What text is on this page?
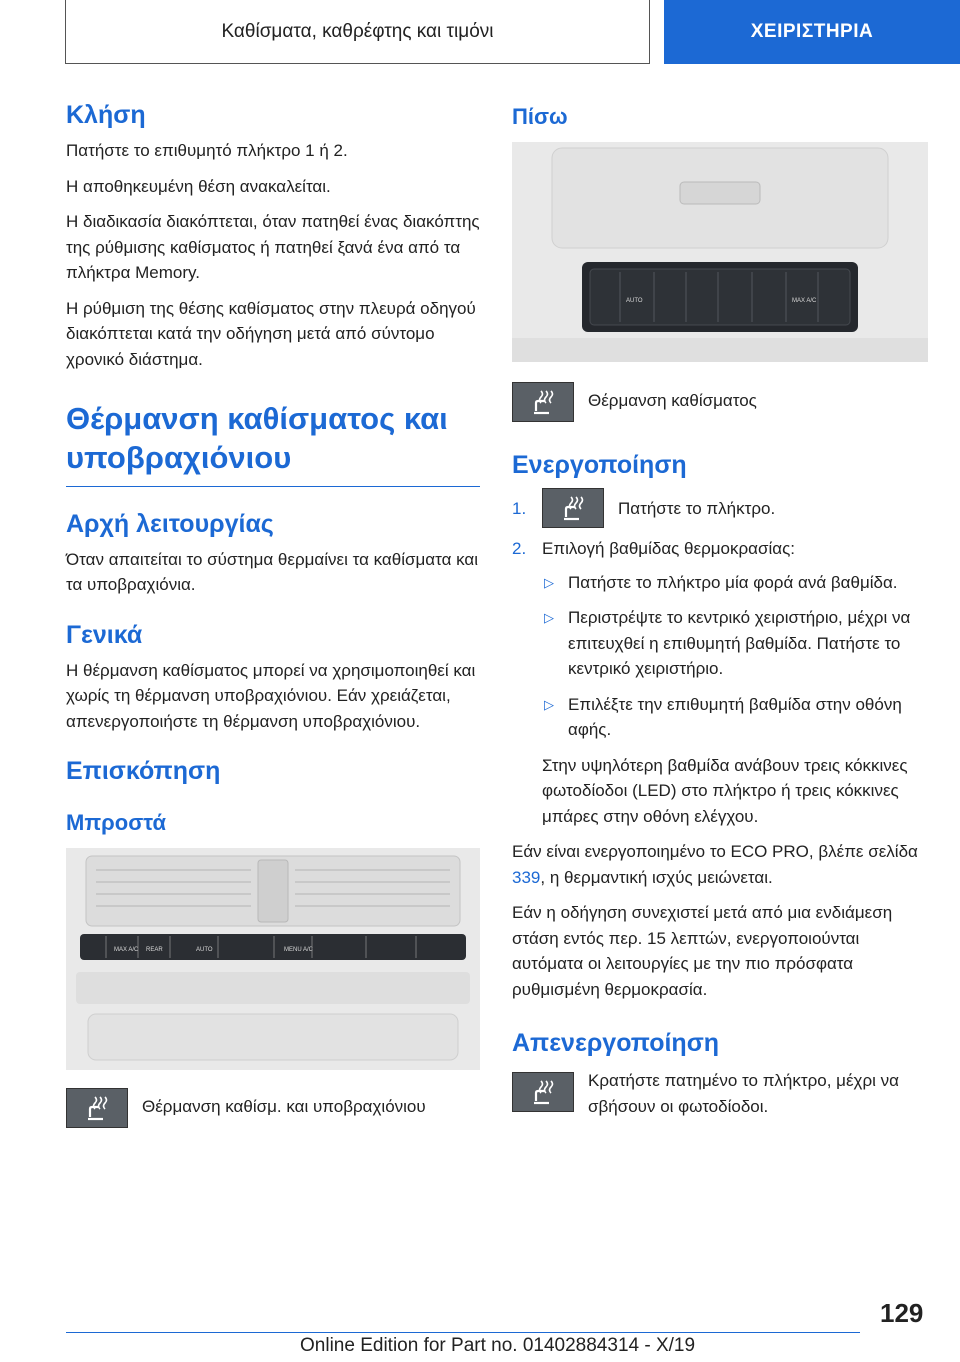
Καθίσματα, καθρέφτης και τιμόνι	ΧΕΙΡΙΣΤΗΡΙΑ
Κλήση

Πατήστε το επιθυμητό πλήκτρο 1 ή 2.

Η αποθηκευμένη θέση ανακαλείται.

Η διαδικασία διακόπτεται, όταν πατηθεί ένας διακόπτης της ρύθμισης καθίσματος ή πατηθεί ξανά ένα από τα πλήκτρα Memory.

Η ρύθμιση της θέσης καθίσματος στην πλευρά οδηγού διακόπτεται κατά την οδήγηση μετά από σύντομο χρονικό διάστημα.

Θέρμανση καθίσματος και υποβραχιόνιου
Αρχή λειτουργίας

Όταν απαιτείται το σύστημα θερμαίνει τα καθίσματα και τα υποβραχιόνια.

Γενικά

Η θέρμανση καθίσματος μπορεί να χρησιμοποιηθεί και χωρίς τη θέρμανση υποβραχιόνιου. Εάν χρειάζεται, απενεργοποιήστε τη θέρμανση υποβραχιόνιου.

Επισκόπηση
Μπροστά
MAX A/C REAR	AUTO	MENU A/C

Θέρμανση καθίσμ. και υποβραχιόνιου

Πίσω
AUTO	MAX A/C

Θέρμανση καθίσματος

Ενεργοποίηση
1.	Πατήστε το πλήκτρο.
2. Επιλογή βαθμίδας θερμοκρασίας:
▷ Πατήστε το πλήκτρο μία φορά ανά βαθμίδα.
▷ Περιστρέψτε το κεντρικό χειριστήριο, μέχρι να επιτευχθεί η επιθυμητή βαθμίδα. Πατήστε το κεντρικό χειριστήριο.
▷ Επιλέξτε την επιθυμητή βαθμίδα στην οθόνη αφής.

Στην υψηλότερη βαθμίδα ανάβουν τρεις κόκκινες φωτοδίοδοι (LED) στο πλήκτρο ή τρεις κόκκινες μπάρες στην οθόνη ελέγχου.

Εάν είναι ενεργοποιημένο το ECO PRO, βλέπε σελίδα 339, η θερμαντική ισχύς μειώνεται.

Εάν η οδήγηση συνεχιστεί μετά από μια ενδιάμεση στάση εντός περ. 15 λεπτών, ενεργοποιούνται αυτόματα οι λειτουργίες με την πιο πρόσφατα ρυθμισμένη θερμοκρασία.

Απενεργοποίηση

Κρατήστε πατημένο το πλήκτρο, μέχρι να σβήσουν οι φωτοδίοδοι.

129
Online Edition for Part no. 01402884314 - X/19
